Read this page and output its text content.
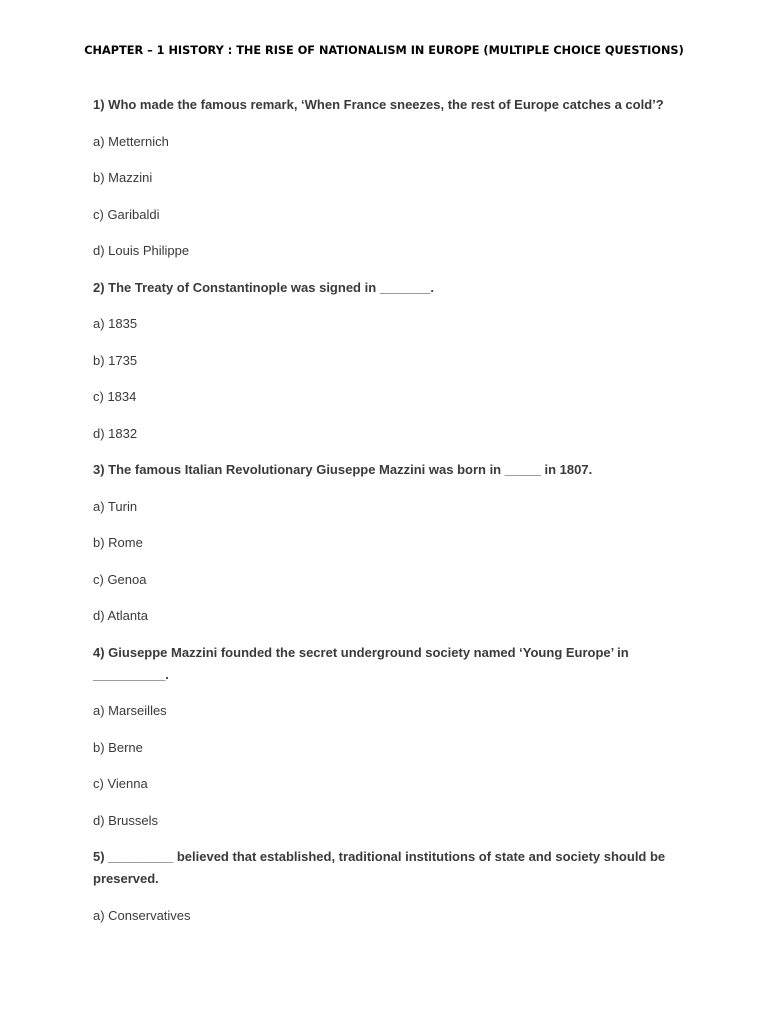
CHAPTER – 1 HISTORY : THE RISE OF NATIONALISM IN EUROPE (MULTIPLE CHOICE QUESTIONS)
1) Who made the famous remark, ‘When France sneezes, the rest of Europe catches a cold’?
a) Metternich
b) Mazzini
c) Garibaldi
d) Louis Philippe
2) The Treaty of Constantinople was signed in _______.
a) 1835
b) 1735
c) 1834
d) 1832
3) The famous Italian Revolutionary Giuseppe Mazzini was born in _____ in 1807.
a) Turin
b) Rome
c) Genoa
d) Atlanta
4) Giuseppe Mazzini founded the secret underground society named ‘Young Europe’ in __________.
a) Marseilles
b) Berne
c) Vienna
d) Brussels
5) _________ believed that established, traditional institutions of state and society should be preserved.
a) Conservatives
